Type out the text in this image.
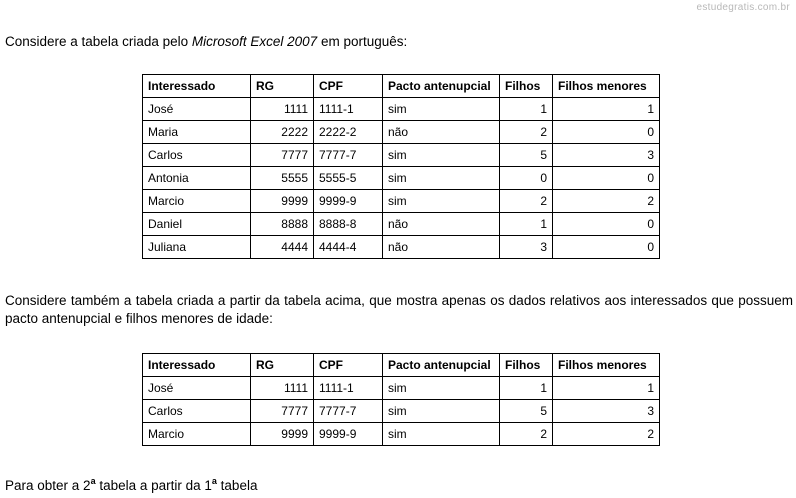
estudegratis.com.br
Considere a tabela criada pelo Microsoft Excel 2007 em português:
Interessado	RG	CPF	Pacto antenupcial	Filhos	Filhos menores
José	1111	1111-1	sim	1	1
Maria	2222	2222-2	não	2	0
Carlos	7777	7777-7	sim	5	3
Antonia	5555	5555-5	sim	0	0
Marcio	9999	9999-9	sim	2	2
Daniel	8888	8888-8	não	1	0
Juliana	4444	4444-4	não	3	0
Considere também a tabela criada a partir da tabela acima, que mostra apenas os dados relativos aos interessados que possuem pacto antenupcial e filhos menores de idade:
Interessado	RG	CPF	Pacto antenupcial	Filhos	Filhos menores
José	1111	1111-1	sim	1	1
Carlos	7777	7777-7	sim	5	3
Marcio	9999	9999-9	sim	2	2
Para obter a 2$^a$ tabela a partir da 1$^a$ tabela
